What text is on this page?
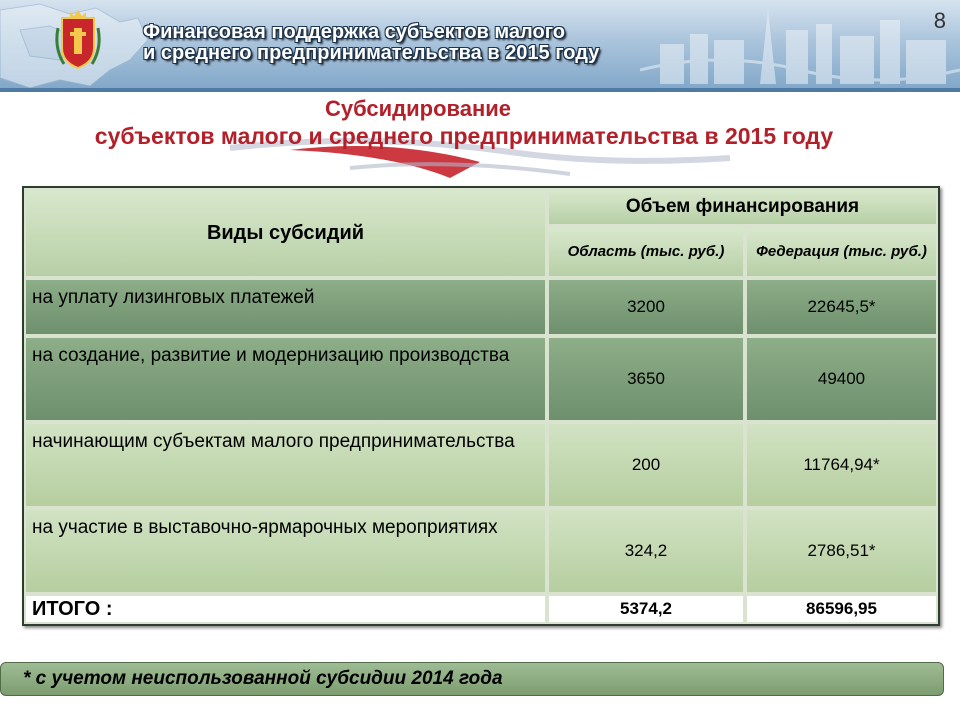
Финансовая поддержка субъектов малого
и среднего предпринимательства в 2015 году
8
Субсидирование
субъектов малого и среднего предпринимательства в 2015 году
Виды субсидий	Объем финансирования	
	Область (тыс. руб.)	Федерация (тыс. руб.)
на уплату лизинговых платежей	3200	22645,5*
на создание, развитие и модернизацию производства	3650	49400
начинающим субъектам малого предпринимательства	200	11764,94*
на участие в выставочно-ярмарочных мероприятиях	324,2	2786,51*
ИТОГО :	5374,2	86596,95
* с учетом неиспользованной субсидии 2014 года
